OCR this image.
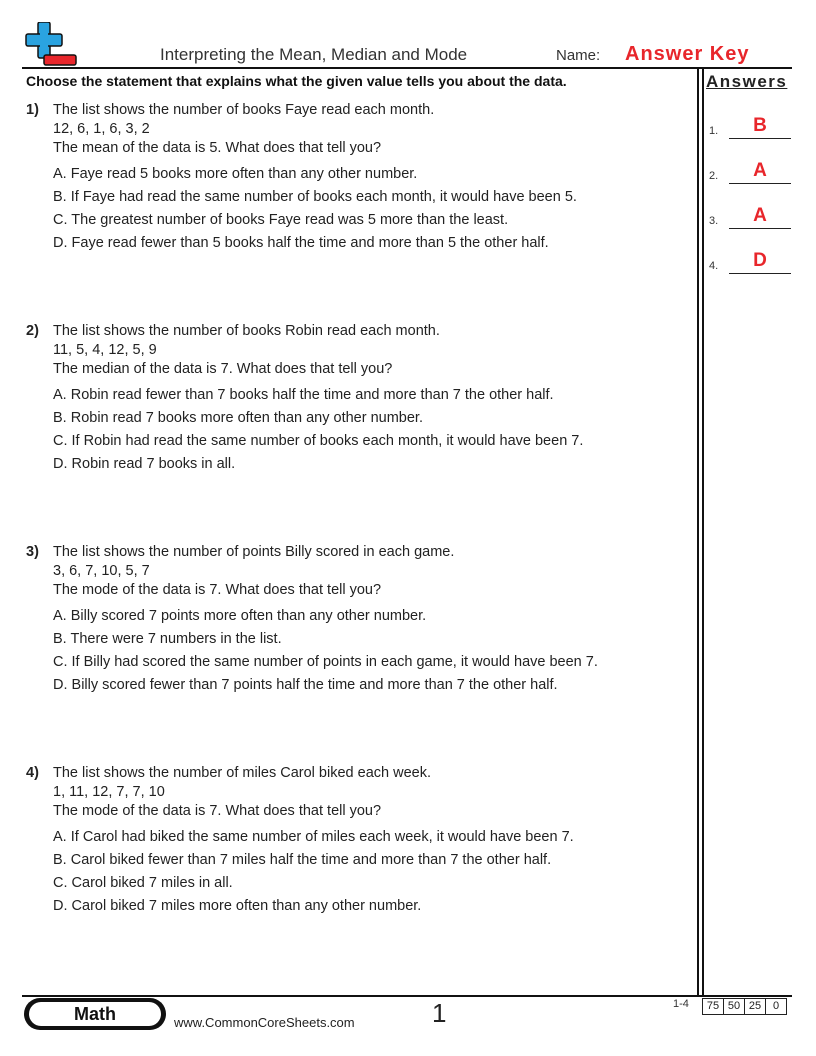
Interpreting the Mean, Median and Mode	Name: Answer Key
Choose the statement that explains what the given value tells you about the data.	Answers
1.	B
2.	A
3.	A
4.	D
1) The list shows the number of books Faye read each month.
12, 6, 1, 6, 3, 2
The mean of the data is 5. What does that tell you?
A. Faye read 5 books more often than any other number.
B. If Faye had read the same number of books each month, it would have been 5.
C. The greatest number of books Faye read was 5 more than the least.
D. Faye read fewer than 5 books half the time and more than 5 the other half.
2) The list shows the number of books Robin read each month.
11, 5, 4, 12, 5, 9
The median of the data is 7. What does that tell you?
A. Robin read fewer than 7 books half the time and more than 7 the other half.
B. Robin read 7 books more often than any other number.
C. If Robin had read the same number of books each month, it would have been 7.
D. Robin read 7 books in all.
3) The list shows the number of points Billy scored in each game.
3, 6, 7, 10, 5, 7
The mode of the data is 7. What does that tell you?
A. Billy scored 7 points more often than any other number.
B. There were 7 numbers in the list.
C. If Billy had scored the same number of points in each game, it would have been 7.
D. Billy scored fewer than 7 points half the time and more than 7 the other half.
4) The list shows the number of miles Carol biked each week.
1, 11, 12, 7, 7, 10
The mode of the data is 7. What does that tell you?
A. If Carol had biked the same number of miles each week, it would have been 7.
B. Carol biked fewer than 7 miles half the time and more than 7 the other half.
C. Carol biked 7 miles in all.
D. Carol biked 7 miles more often than any other number.
Math	www.CommonCoreSheets.com	1	1-4	75 50 25	0
